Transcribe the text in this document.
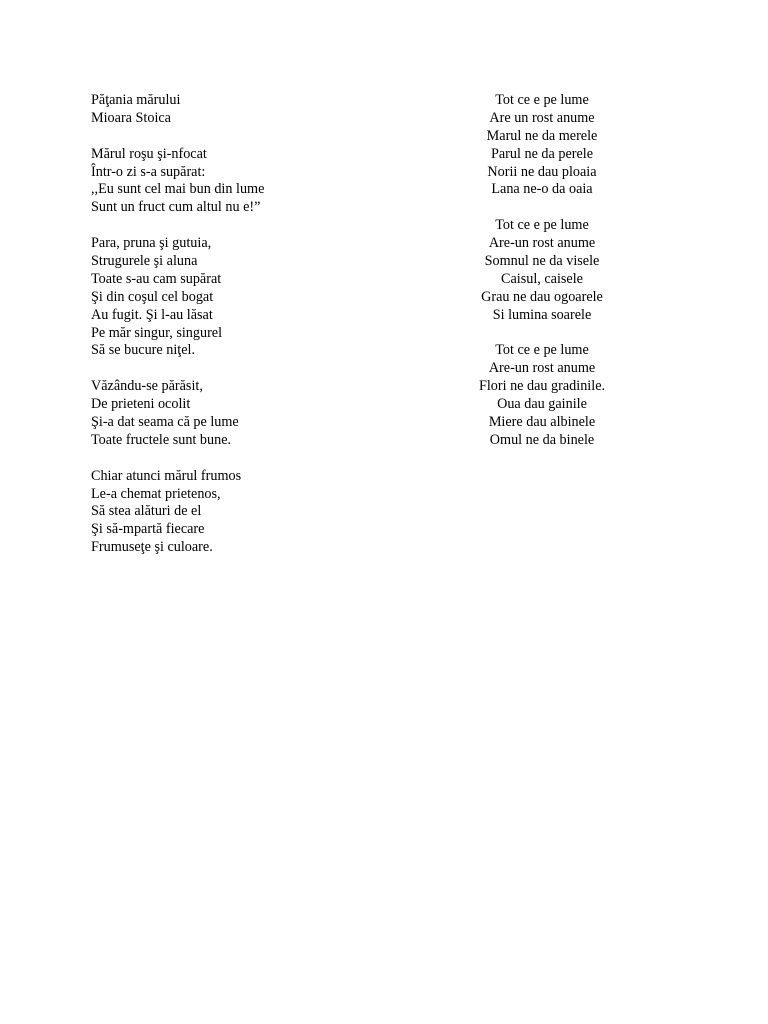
Păţania mărului
Mioara Stoica
Mărul roşu şi-nfocat
Într-o zi s-a supărat:
,,Eu sunt cel mai bun din lume
Sunt un fruct cum altul nu e!”
Para, pruna şi gutuia,
Strugurele şi aluna
Toate s-au cam supărat
Şi din coşul cel bogat
Au fugit. Şi l-au lăsat
Pe măr singur, singurel
Să se bucure niţel.
Văzându-se părăsit,
De prieteni ocolit
Şi-a dat seama că pe lume
Toate fructele sunt bune.
Chiar atunci mărul frumos
Le-a chemat prietenos,
Să stea alături de el
Şi să-mpartă fiecare
Frumuseţe şi culoare.
Tot ce e pe lume
Are un rost anume
Marul ne da merele
Parul ne da perele
Norii ne dau ploaia
Lana ne-o da oaia
Tot ce e pe lume
Are-un rost anume
Somnul ne da visele
Caisul, caisele
Grau ne dau ogoarele
Si lumina soarele
Tot ce e pe lume
Are-un rost anume
Flori ne dau gradinile.
Oua dau gainile
Miere dau albinele
Omul ne da binele
